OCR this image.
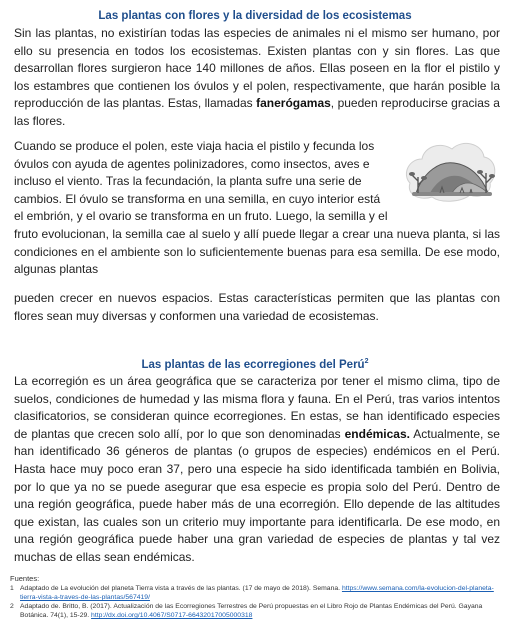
Las plantas con flores y la diversidad de los ecosistemas

Sin las plantas, no existirían todas las especies de animales ni el mismo ser humano, por ello su presencia en todos los ecosistemas. Existen plantas con y sin flores. Las que desarrollan flores surgieron hace 140 millones de años. Ellas poseen en la flor el pistilo y los estambres que contienen los óvulos y el polen, respectivamente, que harán posible la reproducción de las plantas. Estas, llamadas fanerógamas, pueden reproducirse gracias a las flores.

Cuando se produce el polen, este viaja hacia el pistilo y fecunda los
óvulos con ayuda de agentes polinizadores, como insectos, aves e
incluso el viento. Tras la fecundación, la planta sufre una serie de
cambios. El óvulo se transforma en una semilla, en cuyo interior está
el embrión, y el ovario se transforma en un fruto. Luego, la semilla y el

fruto evolucionan, la semilla cae al suelo y allí puede llegar a crear una nueva planta, si las condiciones en el ambiente son lo suficientemente buenas para esa semilla. De ese modo, algunas plantas

pueden crecer en nuevos espacios. Estas características permiten que las plantas con flores sean muy diversas y conformen una variedad de ecosistemas.

Las plantas de las ecorregiones del Perú$^2$

La ecorregión es un área geográfica que se caracteriza por tener el mismo clima, tipo de suelos, condiciones de humedad y las misma flora y fauna. En el Perú, tras varios intentos clasificatorios, se consideran quince ecorregiones. En estas, se han identificado especies de plantas que crecen solo allí, por lo que son denominadas endémicas. Actualmente, se han identificado 36 géneros de plantas (o grupos de especies) endémicos en el Perú. Hasta hace muy poco eran 37, pero una especie ha sido identificada también en Bolivia, por lo que ya no se puede asegurar que esa especie es propia solo del Perú. Dentro de una región geográfica, puede haber más de una ecorregión. Ello depende de las altitudes que existan, las cuales son un criterio muy importante para identificarla. De ese modo, en una región geográfica puede haber una gran variedad de especies de plantas y tal vez muchas de ellas sean endémicas.

Fuentes:
1 Adaptado de La evolución del planeta Tierra vista a través de las plantas. (17 de mayo de 2018). Semana. https://www.semana.com/la-evolucion-del-planeta-tierra-vista-a-traves-de-las-plantas/567419/
2 Adaptado de. Britto, B. (2017). Actualización de las Ecorregiones Terrestres de Perú propuestas en el Libro Rojo de Plantas Endémicas del Perú. Gayana Botánica. 74(1), 15-29. http://dx.doi.org/10.4067/S0717-66432017005000318
